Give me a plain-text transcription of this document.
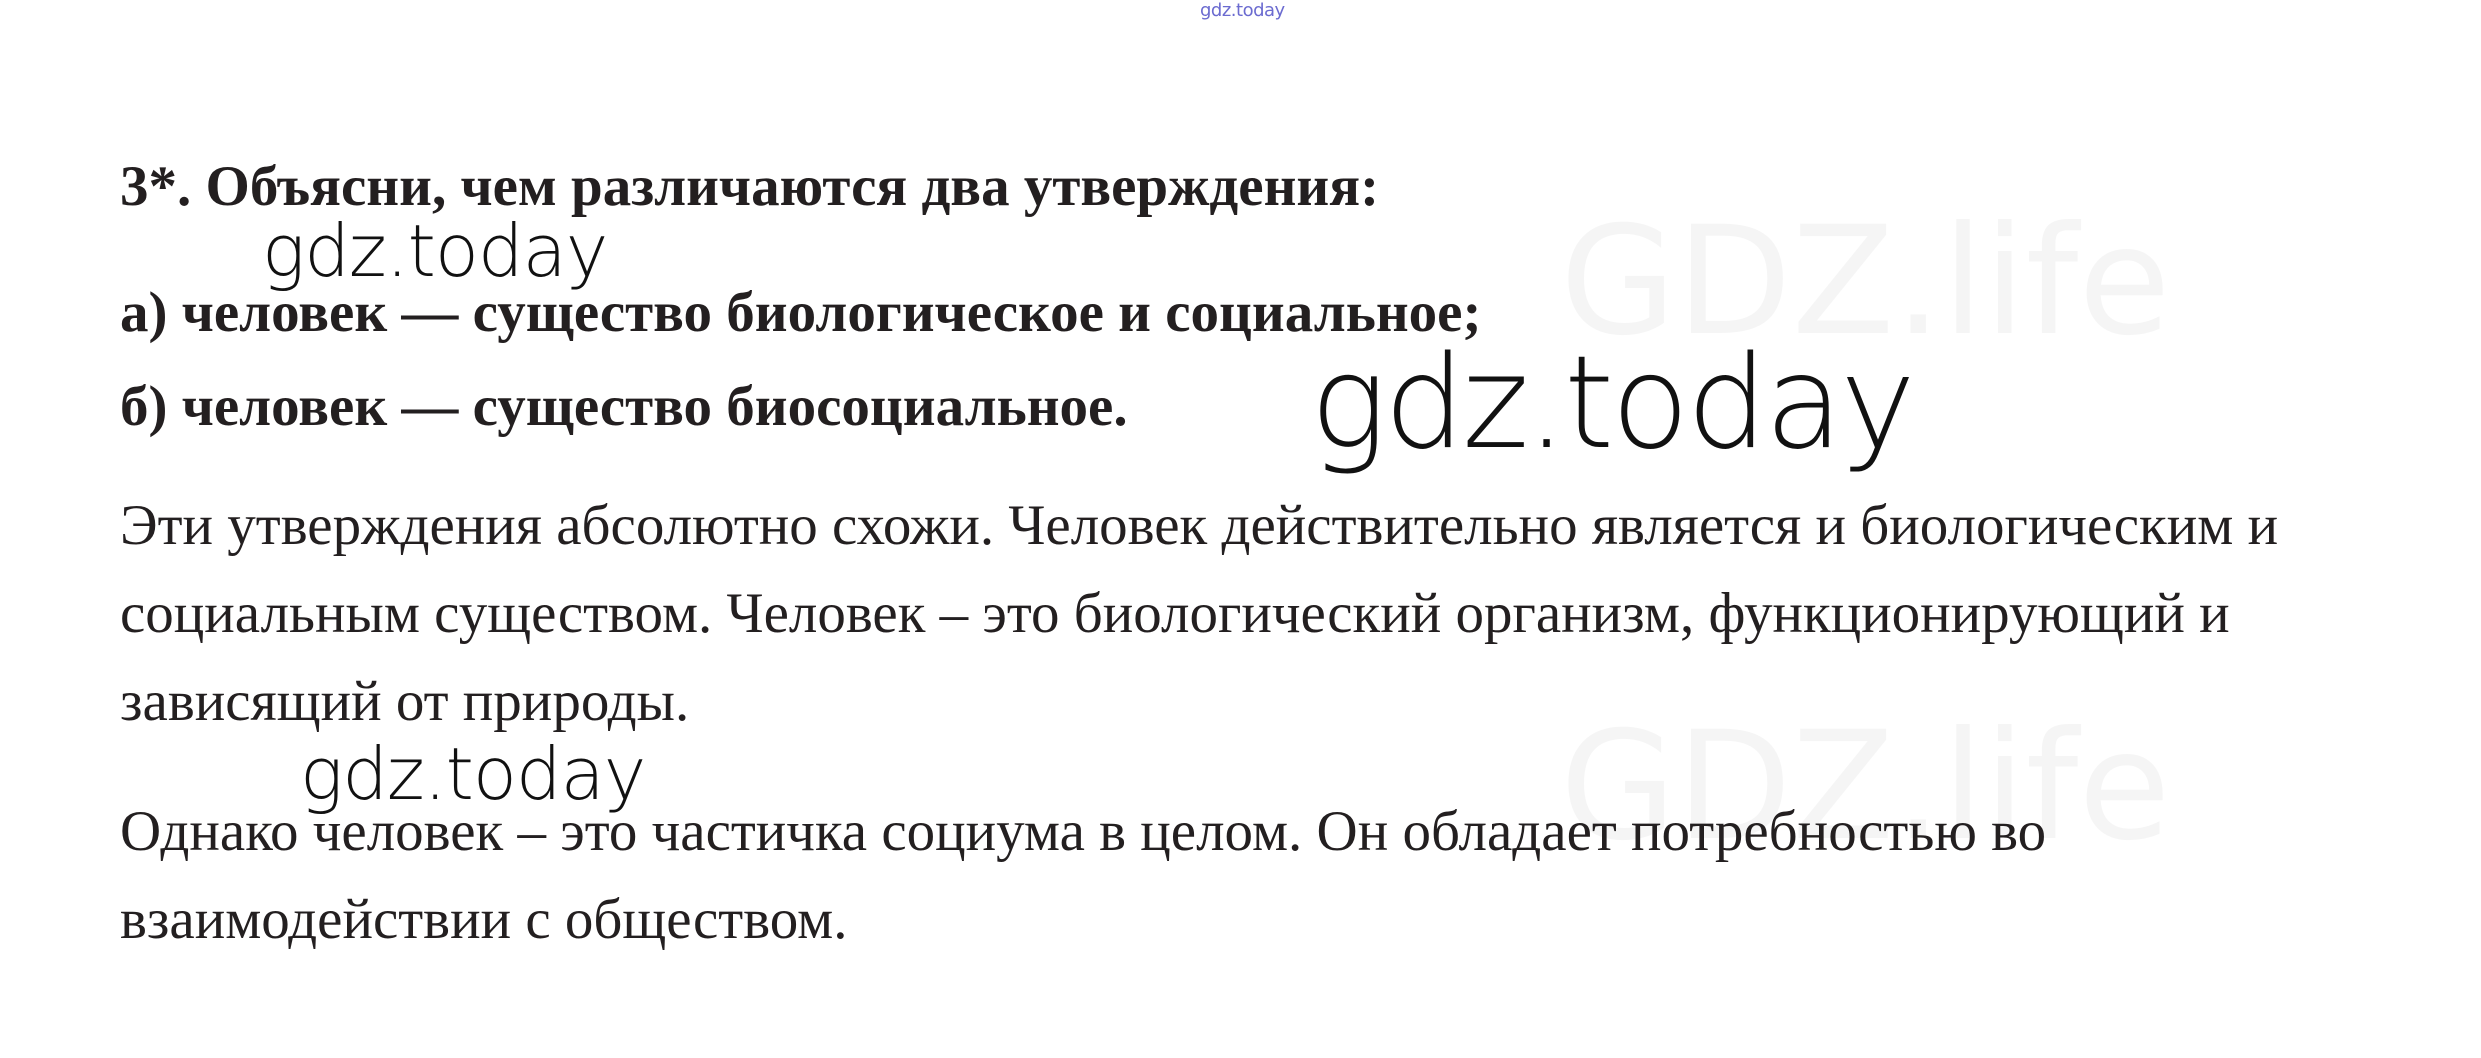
gdz.today
3*. Объясни, чем различаются два утверждения:
а) человек — существо биологическое и социальное;
б) человек — существо биосоциальное.

Эти утверждения абсолютно схожи. Человек действительно является и биологическим и социальным существом. Человек – это биологический организм, функционирующий и зависящий от природы.

Однако человек – это частичка социума в целом. Он обладает потребностью во взаимодействии с обществом.

gdz.today
gdz.today
gdz.today
